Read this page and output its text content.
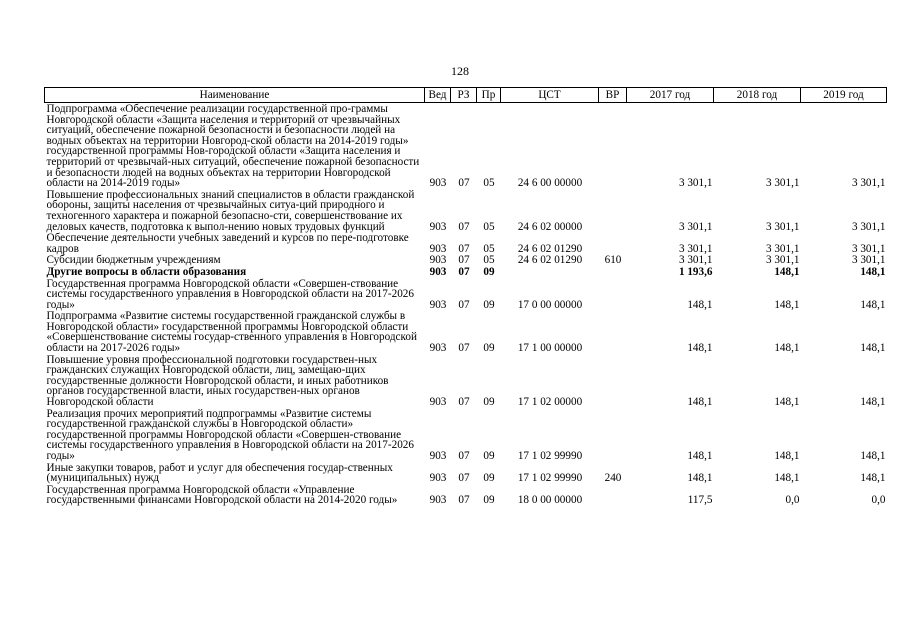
128
Наименование	Вед	РЗ	Пр	ЦСТ	ВР	2017 год	2018 год	2019 год
Подпрограмма «Обеспечение реализации государственной про-граммы Новгородской области «Защита населения и территорий от чрезвычайных ситуаций, обеспечение пожарной безопасности и безопасности людей на водных объектах на территории Новгород-ской области на 2014-2019 годы» государственной программы Нов-городской области «Защита населения и территорий от чрезвычай-ных ситуаций, обеспечение пожарной безопасности и безопасности людей на водных объектах на территории Новгородской области на 2014-2019 годы»	903	07	05	24 6 00 00000		3 301,1	3 301,1	3 301,1
Повышение профессиональных знаний специалистов в области гражданской обороны, защиты населения от чрезвычайных ситуа-ций природного и техногенного характера и пожарной безопасно-сти, совершенствование их деловых качеств, подготовка к выпол-нению новых трудовых функций	903	07	05	24 6 02 00000		3 301,1	3 301,1	3 301,1
Обеспечение деятельности учебных заведений и курсов по пере-подготовке кадров	903	07	05	24 6 02 01290		3 301,1	3 301,1	3 301,1
Субсидии бюджетным учреждениям	903	07	05	24 6 02 01290	610	3 301,1	3 301,1	3 301,1
Другие вопросы в области образования	903	07	09			1 193,6	148,1	148,1
Государственная программа Новгородской области «Совершен-ствование системы государственного управления в Новгородской области на 2017-2026 годы»	903	07	09	17 0 00 00000		148,1	148,1	148,1
Подпрограмма «Развитие системы государственной гражданской службы в Новгородской области» государственной программы Новгородской области «Совершенствование системы государ-ственного управления в Новгородской области на 2017-2026 годы»	903	07	09	17 1 00 00000		148,1	148,1	148,1
Повышение уровня профессиональной подготовки государствен-ных гражданских служащих Новгородской области, лиц, замещаю-щих государственные должности Новгородской области, и иных работников органов государственной власти, иных государствен-ных органов Новгородской области	903	07	09	17 1 02 00000		148,1	148,1	148,1
Реализация прочих мероприятий подпрограммы «Развитие системы государственной гражданской службы в Новгородской области» государственной программы Новгородской области «Совершен-ствование системы государственного управления в Новгородской области на 2017-2026 годы»	903	07	09	17 1 02 99990		148,1	148,1	148,1
Иные закупки товаров, работ и услуг для обеспечения государ-ственных (муниципальных) нужд	903	07	09	17 1 02 99990	240	148,1	148,1	148,1
Государственная программа Новгородской области «Управление государственными финансами Новгородской области на 2014-2020 годы»	903	07	09	18 0 00 00000		117,5	0,0	0,0
